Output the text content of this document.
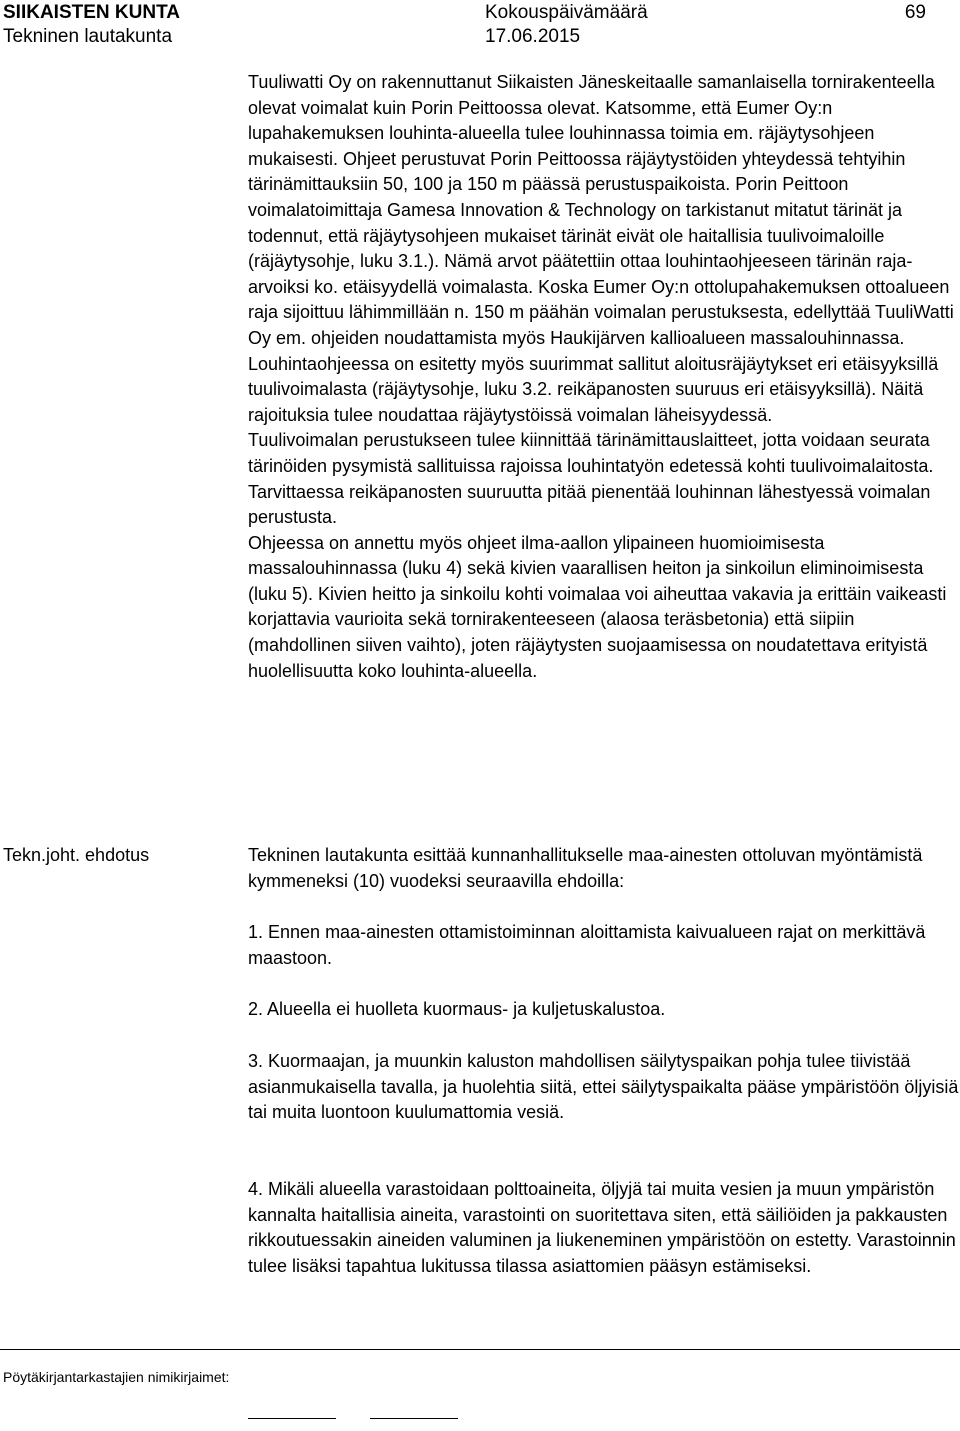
SIIKAISTEN KUNTA
Tekninen lautakunta
Kokouspäivämäärä
17.06.2015
69

Tuuliwatti Oy on rakennuttanut Siikaisten Jäneskeitaalle samanlaisella tornirakenteella olevat voimalat kuin Porin Peittoossa olevat. Katsomme, että Eumer Oy:n lupahakemuksen louhinta-alueella tulee louhinnassa toimia em. räjäytysohjeen mukaisesti. Ohjeet perustuvat Porin Peittoossa räjäytystöiden yhteydessä tehtyihin tärinämittauksiin 50, 100 ja 150 m päässä perustuspaikoista. Porin Peittoon voimalatoimittaja Gamesa Innovation & Technology on tarkistanut mitatut tärinät ja todennut, että räjäytysohjeen mukaiset tärinät eivät ole haitallisia tuulivoimaloille (räjäytysohje, luku 3.1.). Nämä arvot päätettiin ottaa louhintaohjeeseen tärinän raja-arvoiksi ko. etäisyydellä voimalasta. Koska Eumer Oy:n ottolupahakemuksen ottoalueen raja sijoittuu lähimmillään n. 150 m päähän voimalan perustuksesta, edellyttää TuuliWatti Oy em. ohjeiden noudattamista myös Haukijärven kallioalueen massalouhinnassa.

Louhintaohjeessa on esitetty myös suurimmat sallitut aloitusräjäytykset eri etäisyyksillä tuulivoimalasta (räjäytysohje, luku 3.2. reikäpanosten suuruus eri etäisyyksillä). Näitä rajoituksia tulee noudattaa räjäytystöissä voimalan läheisyydessä.

Tuulivoimalan perustukseen tulee kiinnittää tärinämittauslaitteet, jotta voidaan seurata tärinöiden pysymistä sallituissa rajoissa louhintatyön edetessä kohti tuulivoimalaitosta. Tarvittaessa reikäpanosten suuruutta pitää pienentää louhinnan lähestyessä voimalan perustusta.

Ohjeessa on annettu myös ohjeet ilma-aallon ylipaineen huomioimisesta massalouhinnassa (luku 4) sekä kivien vaarallisen heiton ja sinkoilun eliminoimisesta (luku 5). Kivien heitto ja sinkoilu kohti voimalaa voi aiheuttaa vakavia ja erittäin vaikeasti korjattavia vaurioita sekä tornirakenteeseen (alaosa teräsbetonia) että siipiin (mahdollinen siiven vaihto), joten räjäytysten suojaamisessa on noudatettava erityistä huolellisuutta koko louhinta-alueella.

Tekn.joht. ehdotus	Tekninen lautakunta esittää kunnanhallitukselle maa-ainesten ottoluvan myöntämistä kymmeneksi (10) vuodeksi seuraavilla ehdoilla:

1. Ennen maa-ainesten ottamistoiminnan aloittamista kaivualueen rajat on merkittävä maastoon.

2. Alueella ei huolleta kuormaus- ja kuljetuskalustoa.

3. Kuormaajan, ja muunkin kaluston mahdollisen säilytyspaikan pohja tulee tiivistää asianmukaisella tavalla, ja huolehtia siitä, ettei säilytyspaikalta pääse ympäristöön öljyisiä tai muita luontoon kuulumattomia vesiä.

4. Mikäli alueella varastoidaan polttoaineita, öljyjä tai muita vesien ja muun ympäristön kannalta haitallisia aineita, varastointi on suoritettava siten, että säiliöiden ja pakkausten rikkoutuessakin aineiden valuminen ja liukeneminen ympäristöön on estetty. Varastoinnin tulee lisäksi tapahtua lukitussa tilassa asiattomien pääsyn estämiseksi.

Pöytäkirjantarkastajien nimikirjaimet:
